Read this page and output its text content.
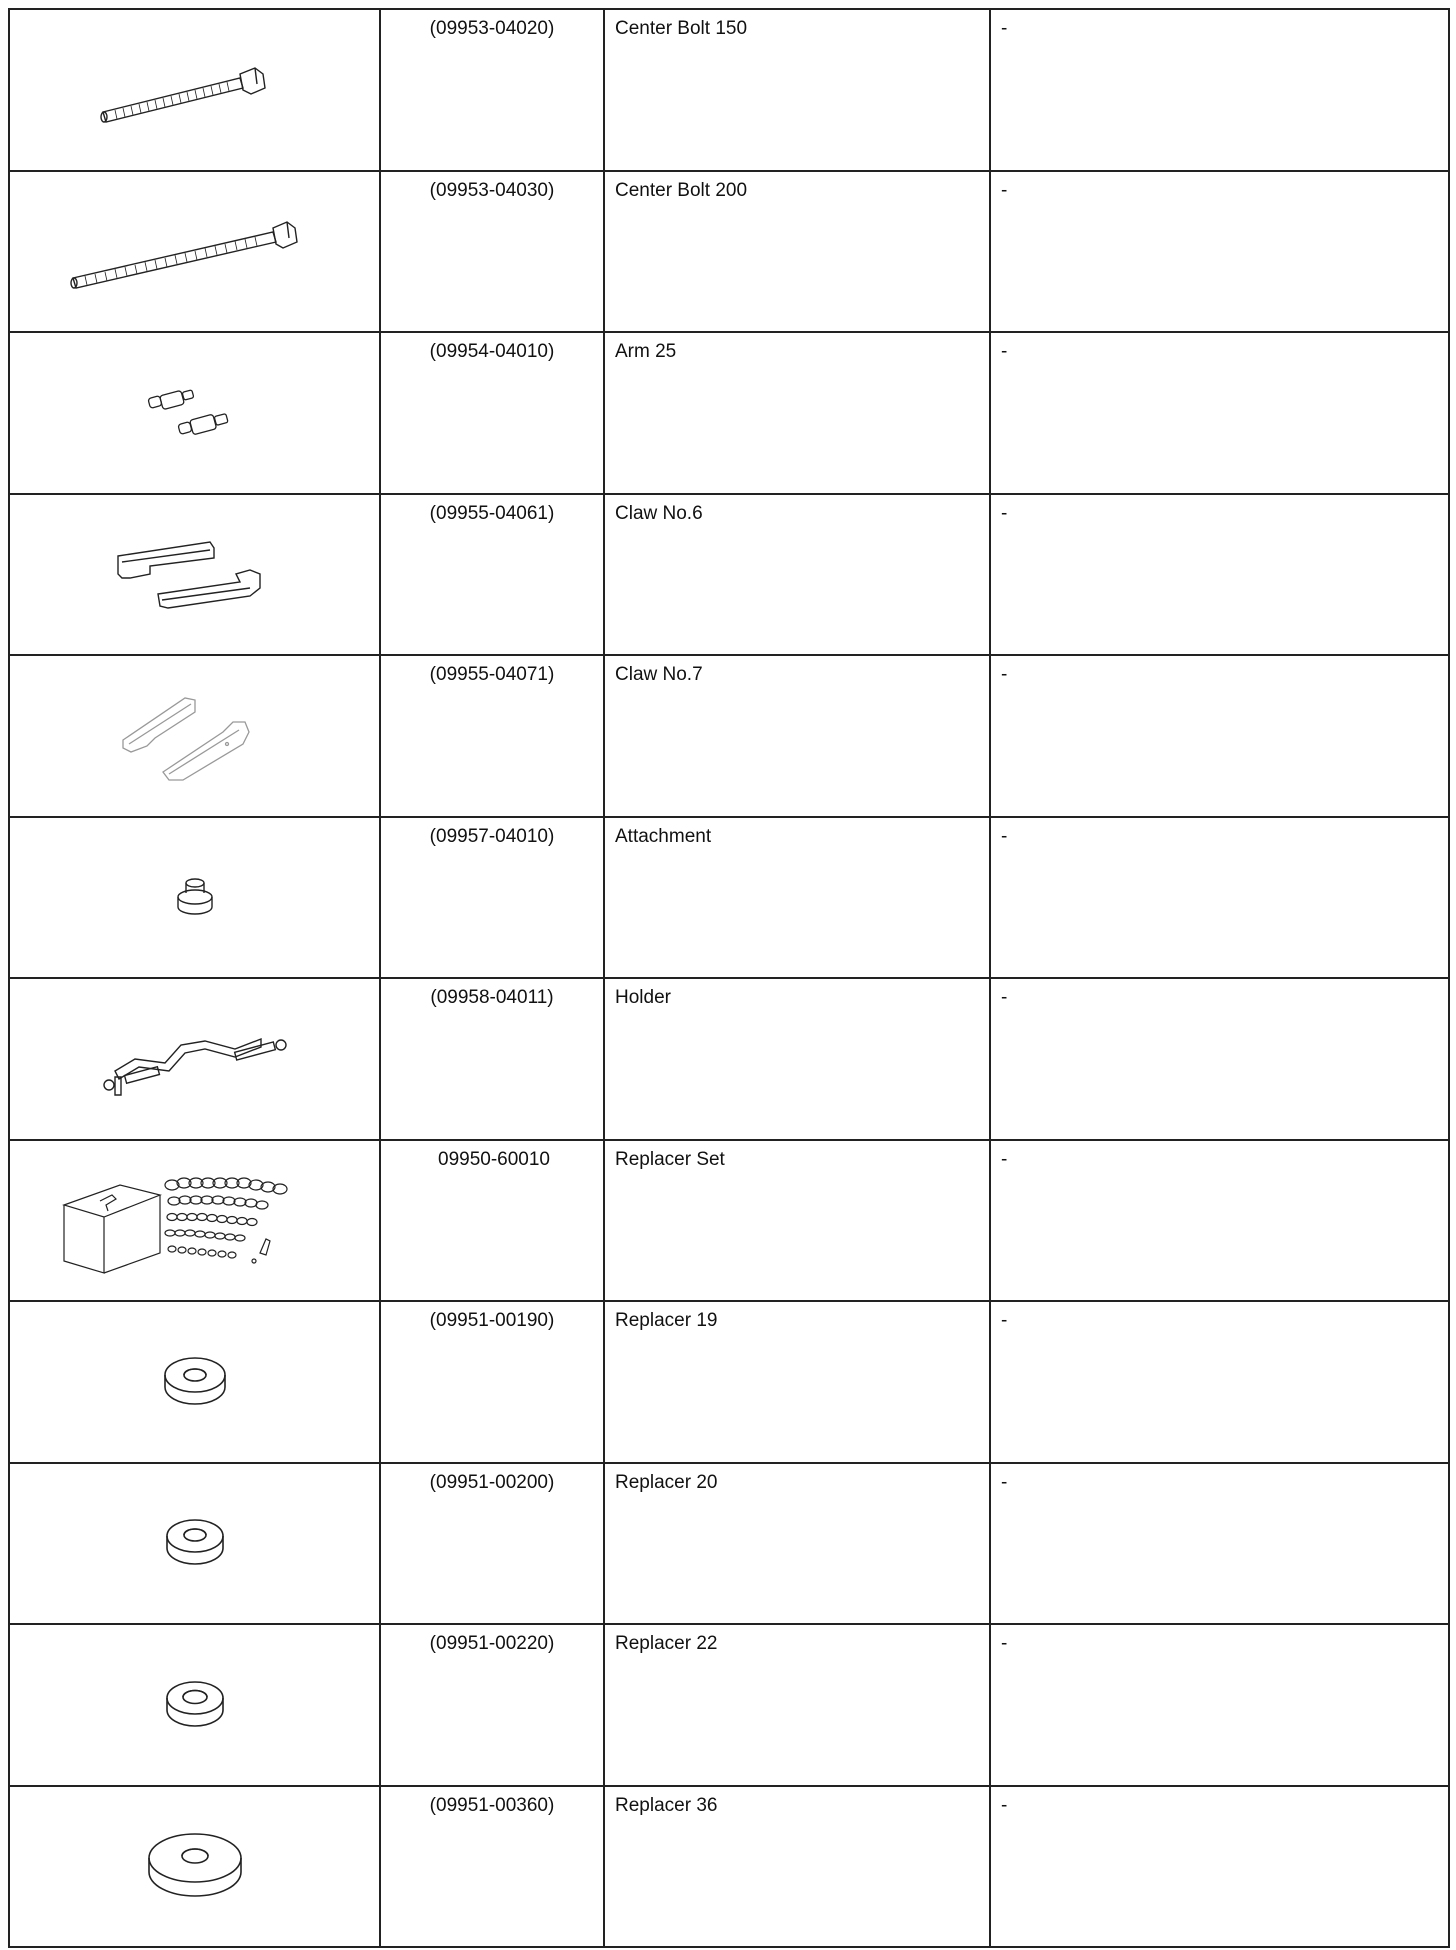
(09953-04020)	Center Bolt 150	-

(09953-04030)	Center Bolt 200	-

(09954-04010)	Arm 25	-

(09955-04061)	Claw No.6	-

(09955-04071)	Claw No.7	-

(09957-04010)	Attachment	-

(09958-04011)	Holder	-

09950-60010	Replacer Set	-

(09951-00190)	Replacer 19	-

(09951-00200)	Replacer 20	-

(09951-00220)	Replacer 22	-

(09951-00360)	Replacer 36	-
